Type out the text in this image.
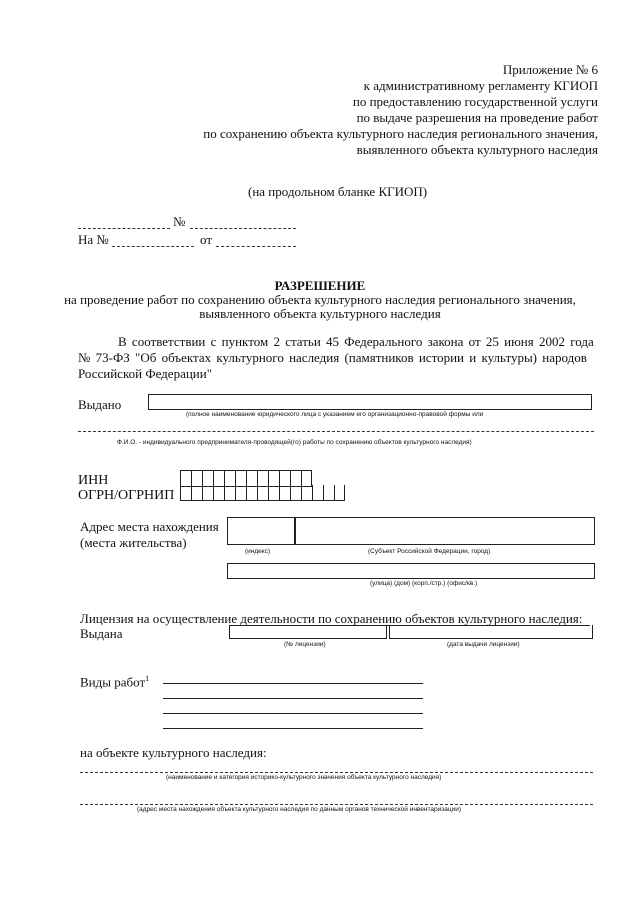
Приложение № 6
к административному регламенту КГИОП
по предоставлению государственной услуги
по выдаче разрешения на проведение работ
по сохранению объекта культурного наследия регионального значения,
выявленного объекта культурного наследия
(на продольном бланке КГИОП)
№
На №	от
РАЗРЕШЕНИЕ
на проведение работ по сохранению объекта культурного наследия регионального значения,
выявленного объекта культурного наследия
В соответствии с пунктом 2 статьи 45 Федерального закона от 25 июня 2002 года
№ 73-ФЗ "Об объектах культурного наследия (памятников истории и культуры) народов
Российской Федерации"
Выдано
(полное наименование юридического лица с указанием его организационно-правовой формы или
Ф.И.О. - индивидуального предпринимателя-проводящей(го) работы по сохранению объектов культурного наследия)
ИНН
ОГРН/ОГРНИП
Адрес места нахождения
(места жительства)
(индекс)	(Субъект Российской Федерации, город)
(улица) (дом) (корп./стр.) (офис/кв.)
Лицензия на осуществление деятельности по сохранению объектов культурного наследия:
Выдана
(№ лицензии)	(дата выдачи лицензии)
Виды работ$^1$
на объекте культурного наследия:
(наименование и категория историко-культурного значения объекта культурного наследия)
(адрес места нахождения объекта культурного наследия по данным органов технической инвентаризации)
